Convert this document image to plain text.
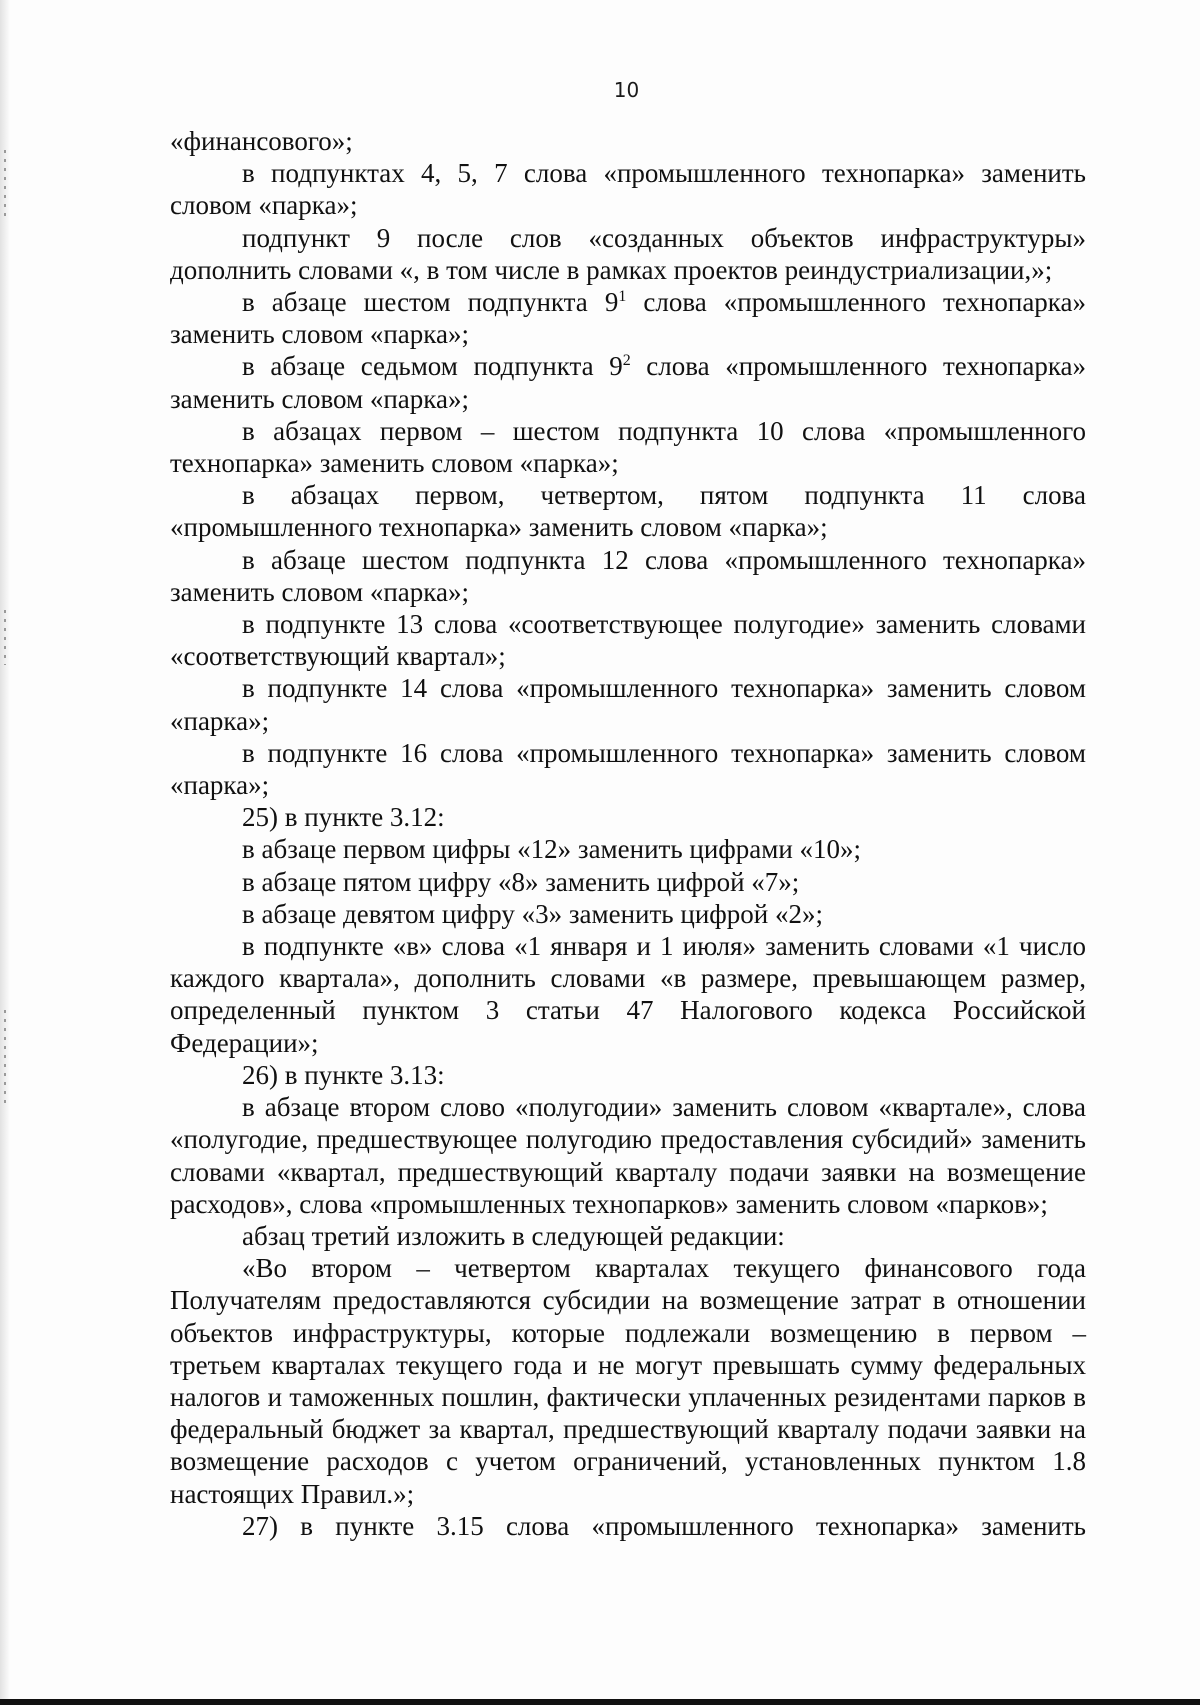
10

«финансового»;

в подпунктах 4, 5, 7 слова «промышленного технопарка» заменить словом «парка»;

подпункт 9 после слов «созданных объектов инфраструктуры» дополнить словами «, в том числе в рамках проектов реиндустриализации,»;

в абзаце шестом подпункта $9^1$ слова «промышленного технопарка» заменить словом «парка»;

в абзаце седьмом подпункта $9^2$ слова «промышленного технопарка» заменить словом «парка»;

в абзацах первом – шестом подпункта 10 слова «промышленного технопарка» заменить словом «парка»;

в абзацах первом, четвертом, пятом подпункта 11 слова «промышленного технопарка» заменить словом «парка»;

в абзаце шестом подпункта 12 слова «промышленного технопарка» заменить словом «парка»;

в подпункте 13 слова «соответствующее полугодие» заменить словами «соответствующий квартал»;

в подпункте 14 слова «промышленного технопарка» заменить словом «парка»;

в подпункте 16 слова «промышленного технопарка» заменить словом «парка»;

25) в пункте 3.12:

в абзаце первом цифры «12» заменить цифрами «10»;

в абзаце пятом цифру «8» заменить цифрой «7»;

в абзаце девятом цифру «3» заменить цифрой «2»;

в подпункте «в» слова «1 января и 1 июля» заменить словами «1 число каждого квартала», дополнить словами «в размере, превышающем размер, определенный пунктом 3 статьи 47 Налогового кодекса Российской Федерации»;

26) в пункте 3.13:

в абзаце втором слово «полугодии» заменить словом «квартале», слова «полугодие, предшествующее полугодию предоставления субсидий» заменить словами «квартал, предшествующий кварталу подачи заявки на возмещение расходов», слова «промышленных технопарков» заменить словом «парков»;

абзац третий изложить в следующей редакции:

«Во втором – четвертом кварталах текущего финансового года Получателям предоставляются субсидии на возмещение затрат в отношении объектов инфраструктуры, которые подлежали возмещению в первом – третьем кварталах текущего года и не могут превышать сумму федеральных налогов и таможенных пошлин, фактически уплаченных резидентами парков в федеральный бюджет за квартал, предшествующий кварталу подачи заявки на возмещение расходов с учетом ограничений, установленных пунктом 1.8 настоящих Правил.»;

27) в пункте 3.15 слова «промышленного технопарка» заменить
